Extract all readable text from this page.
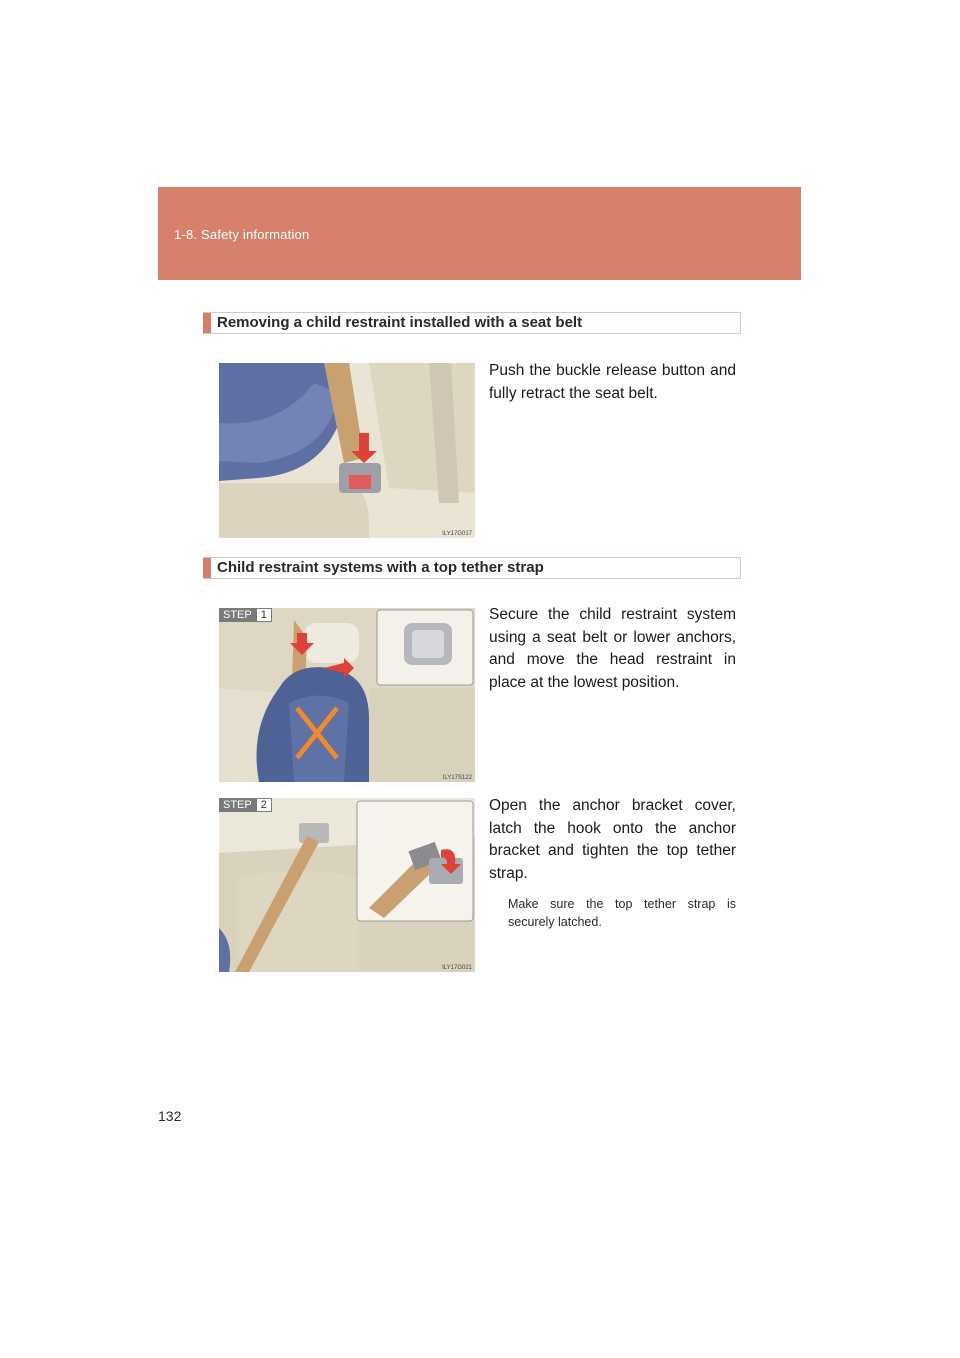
1-8. Safety information
Removing a child restraint installed with a seat belt
ILY17G017
Push the buckle release button and fully retract the seat belt.
Child restraint systems with a top tether strap
ILY17S122
STEP 1	Secure the child restraint system using a seat belt or lower anchors, and move the head restraint in place at the lowest position.
ILY17G021
STEP 2	Open the anchor bracket cover, latch the hook onto the anchor bracket and tighten the top tether strap.
Make sure the top tether strap is securely latched.
132
